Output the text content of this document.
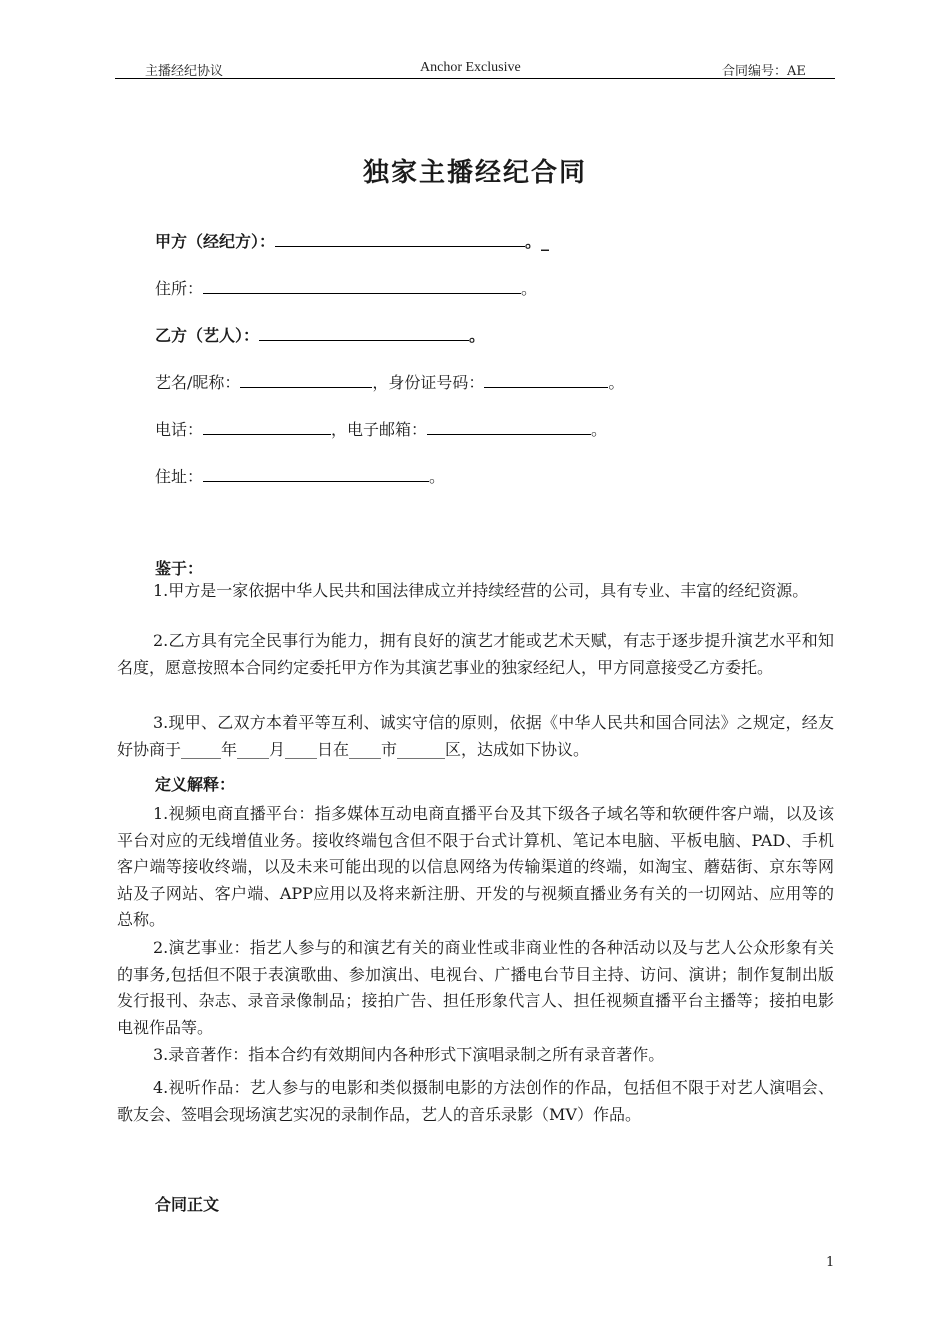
主播经纪协议	Anchor Exclusive	合同编号：AE
独家主播经纪合同
甲方（经纪方）：	。_
住所：	。
乙方（艺人）：	。
艺名/昵称：	，身份证号码：	。
电话：	，电子邮箱：	。
住址：	。
鉴于：

1.甲方是一家依据中华人民共和国法律成立并持续经营的公司，具有专业、丰富的经纪资源。

2.乙方具有完全民事行为能力，拥有良好的演艺才能或艺术天赋，有志于逐步提升演艺水平和知名度，愿意按照本合同约定委托甲方作为其演艺事业的独家经纪人，甲方同意接受乙方委托。

3.现甲、乙双方本着平等互利、诚实守信的原则，依据《中华人民共和国合同法》之规定，经友好协商于_____年____月____日在____市______区，达成如下协议。

定义解释：

1.视频电商直播平台：指多媒体互动电商直播平台及其下级各子域名等和软硬件客户端，以及该平台对应的无线增值业务。接收终端包含但不限于台式计算机、笔记本电脑、平板电脑、PAD、手机客户端等接收终端，以及未来可能出现的以信息网络为传输渠道的终端，如淘宝、蘑菇街、京东等网站及子网站、客户端、APP应用以及将来新注册、开发的与视频直播业务有关的一切网站、应用等的总称。

2.演艺事业：指艺人参与的和演艺有关的商业性或非商业性的各种活动以及与艺人公众形象有关的事务,包括但不限于表演歌曲、参加演出、电视台、广播电台节目主持、访问、演讲；制作复制出版发行报刊、杂志、录音录像制品；接拍广告、担任形象代言人、担任视频直播平台主播等；接拍电影电视作品等。

3.录音著作：指本合约有效期间内各种形式下演唱录制之所有录音著作。

4.视听作品：艺人参与的电影和类似摄制电影的方法创作的作品，包括但不限于对艺人演唱会、歌友会、签唱会现场演艺实况的录制作品，艺人的音乐录影（MV）作品。

合同正文
1
